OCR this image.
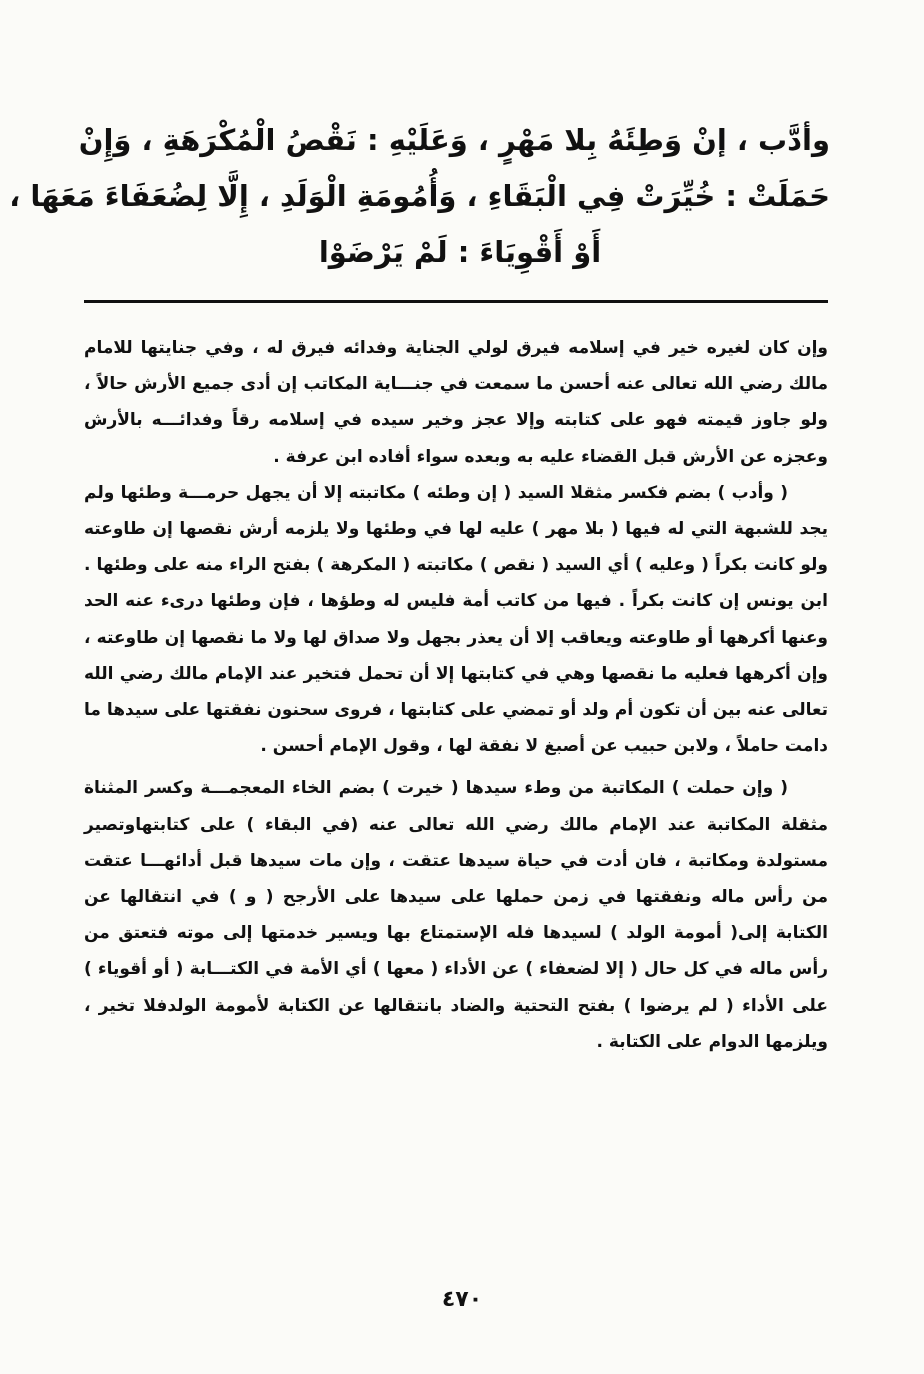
وأدَّب ، إنْ وَطِئَهُ بِلا مَهْرٍ ، وَعَلَيْهِ : نَقْصُ الْمُكْرَهَةِ ، وَإِنْ
حَمَلَتْ : خُيِّرَتْ فِي الْبَقَاءِ ، وَأُمُومَةِ الْوَلَدِ ، إِلَّا لِضُعَفَاءَ مَعَهَا ،
أَوْ أَقْوِيَاءَ : لَمْ يَرْضَوْا

وإن كان لغيره خير في إسلامه فيرق لولي الجناية وفدائه فيرق له ، وفي جنايتها للامام مالك رضي الله تعالى عنه أحسن ما سمعت في جنـــاية المكاتب إن أدى جميع الأرش حالاً ، ولو جاوز قيمته فهو على كتابته وإلا عجز وخير سيده في إسلامه رقاً وفدائـــه بالأرش وعجزه عن الأرش قبل القضاء عليه به وبعده سواء أفاده ابن عرفة .

( وأدب ) بضم فكسر مثقلا السيد ( إن وطئه ) مكاتبته إلا أن يجهل حرمـــة وطئها ولم يجد للشبهة التي له فيها ( بلا مهر ) عليه لها في وطئها ولا يلزمه أرش نقصها إن طاوعته ولو كانت بكراً ( وعليه ) أي السيد ( نقص ) مكاتبته ( المكرهة ) بفتح الراء منه على وطئها . ابن يونس إن كانت بكراً . فيها من كاتب أمة فليس له وطؤها ، فإن وطئها درىء عنه الحد وعنها أكرهها أو طاوعته ويعاقب إلا أن يعذر بجهل ولا صداق لها ولا ما نقصها إن طاوعته ، وإن أكرهها فعليه ما نقصها وهي في كتابتها إلا أن تحمل فتخير عند الإمام مالك رضي الله تعالى عنه بين أن تكون أم ولد أو تمضي على كتابتها ، فروى سحنون نفقتها على سيدها ما دامت حاملاً ، ولابن حبيب عن أصبغ لا نفقة لها ، وقول الإمام أحسن .

( وإن حملت ) المكاتبة من وطء سيدها ( خيرت ) بضم الخاء المعجمـــة وكسر المثناة مثقلة المكاتبة عند الإمام مالك رضي الله تعالى عنه (في البقاء ) على كتابتهاوتصير مستولدة ومكاتبة ، فان أدت في حياة سيدها عتقت ، وإن مات سيدها قبل أدائهـــا عتقت من رأس ماله ونفقتها في زمن حملها على سيدها على الأرجح ( و ) في انتقالها عن الكتابة إلى( أمومة الولد ) لسيدها فله الإستمتاع بها ويسير خدمتها إلى موته فتعتق من رأس ماله في كل حال ( إلا لضعفاء ) عن الأداء ( معها ) أي الأمة في الكتـــابة ( أو أقوياء ) على الأداء ( لم يرضوا ) بفتح التحتية والضاد بانتقالها عن الكتابة لأمومة الولدفلا تخير ، ويلزمها الدوام على الكتابة .

٤٧٠
